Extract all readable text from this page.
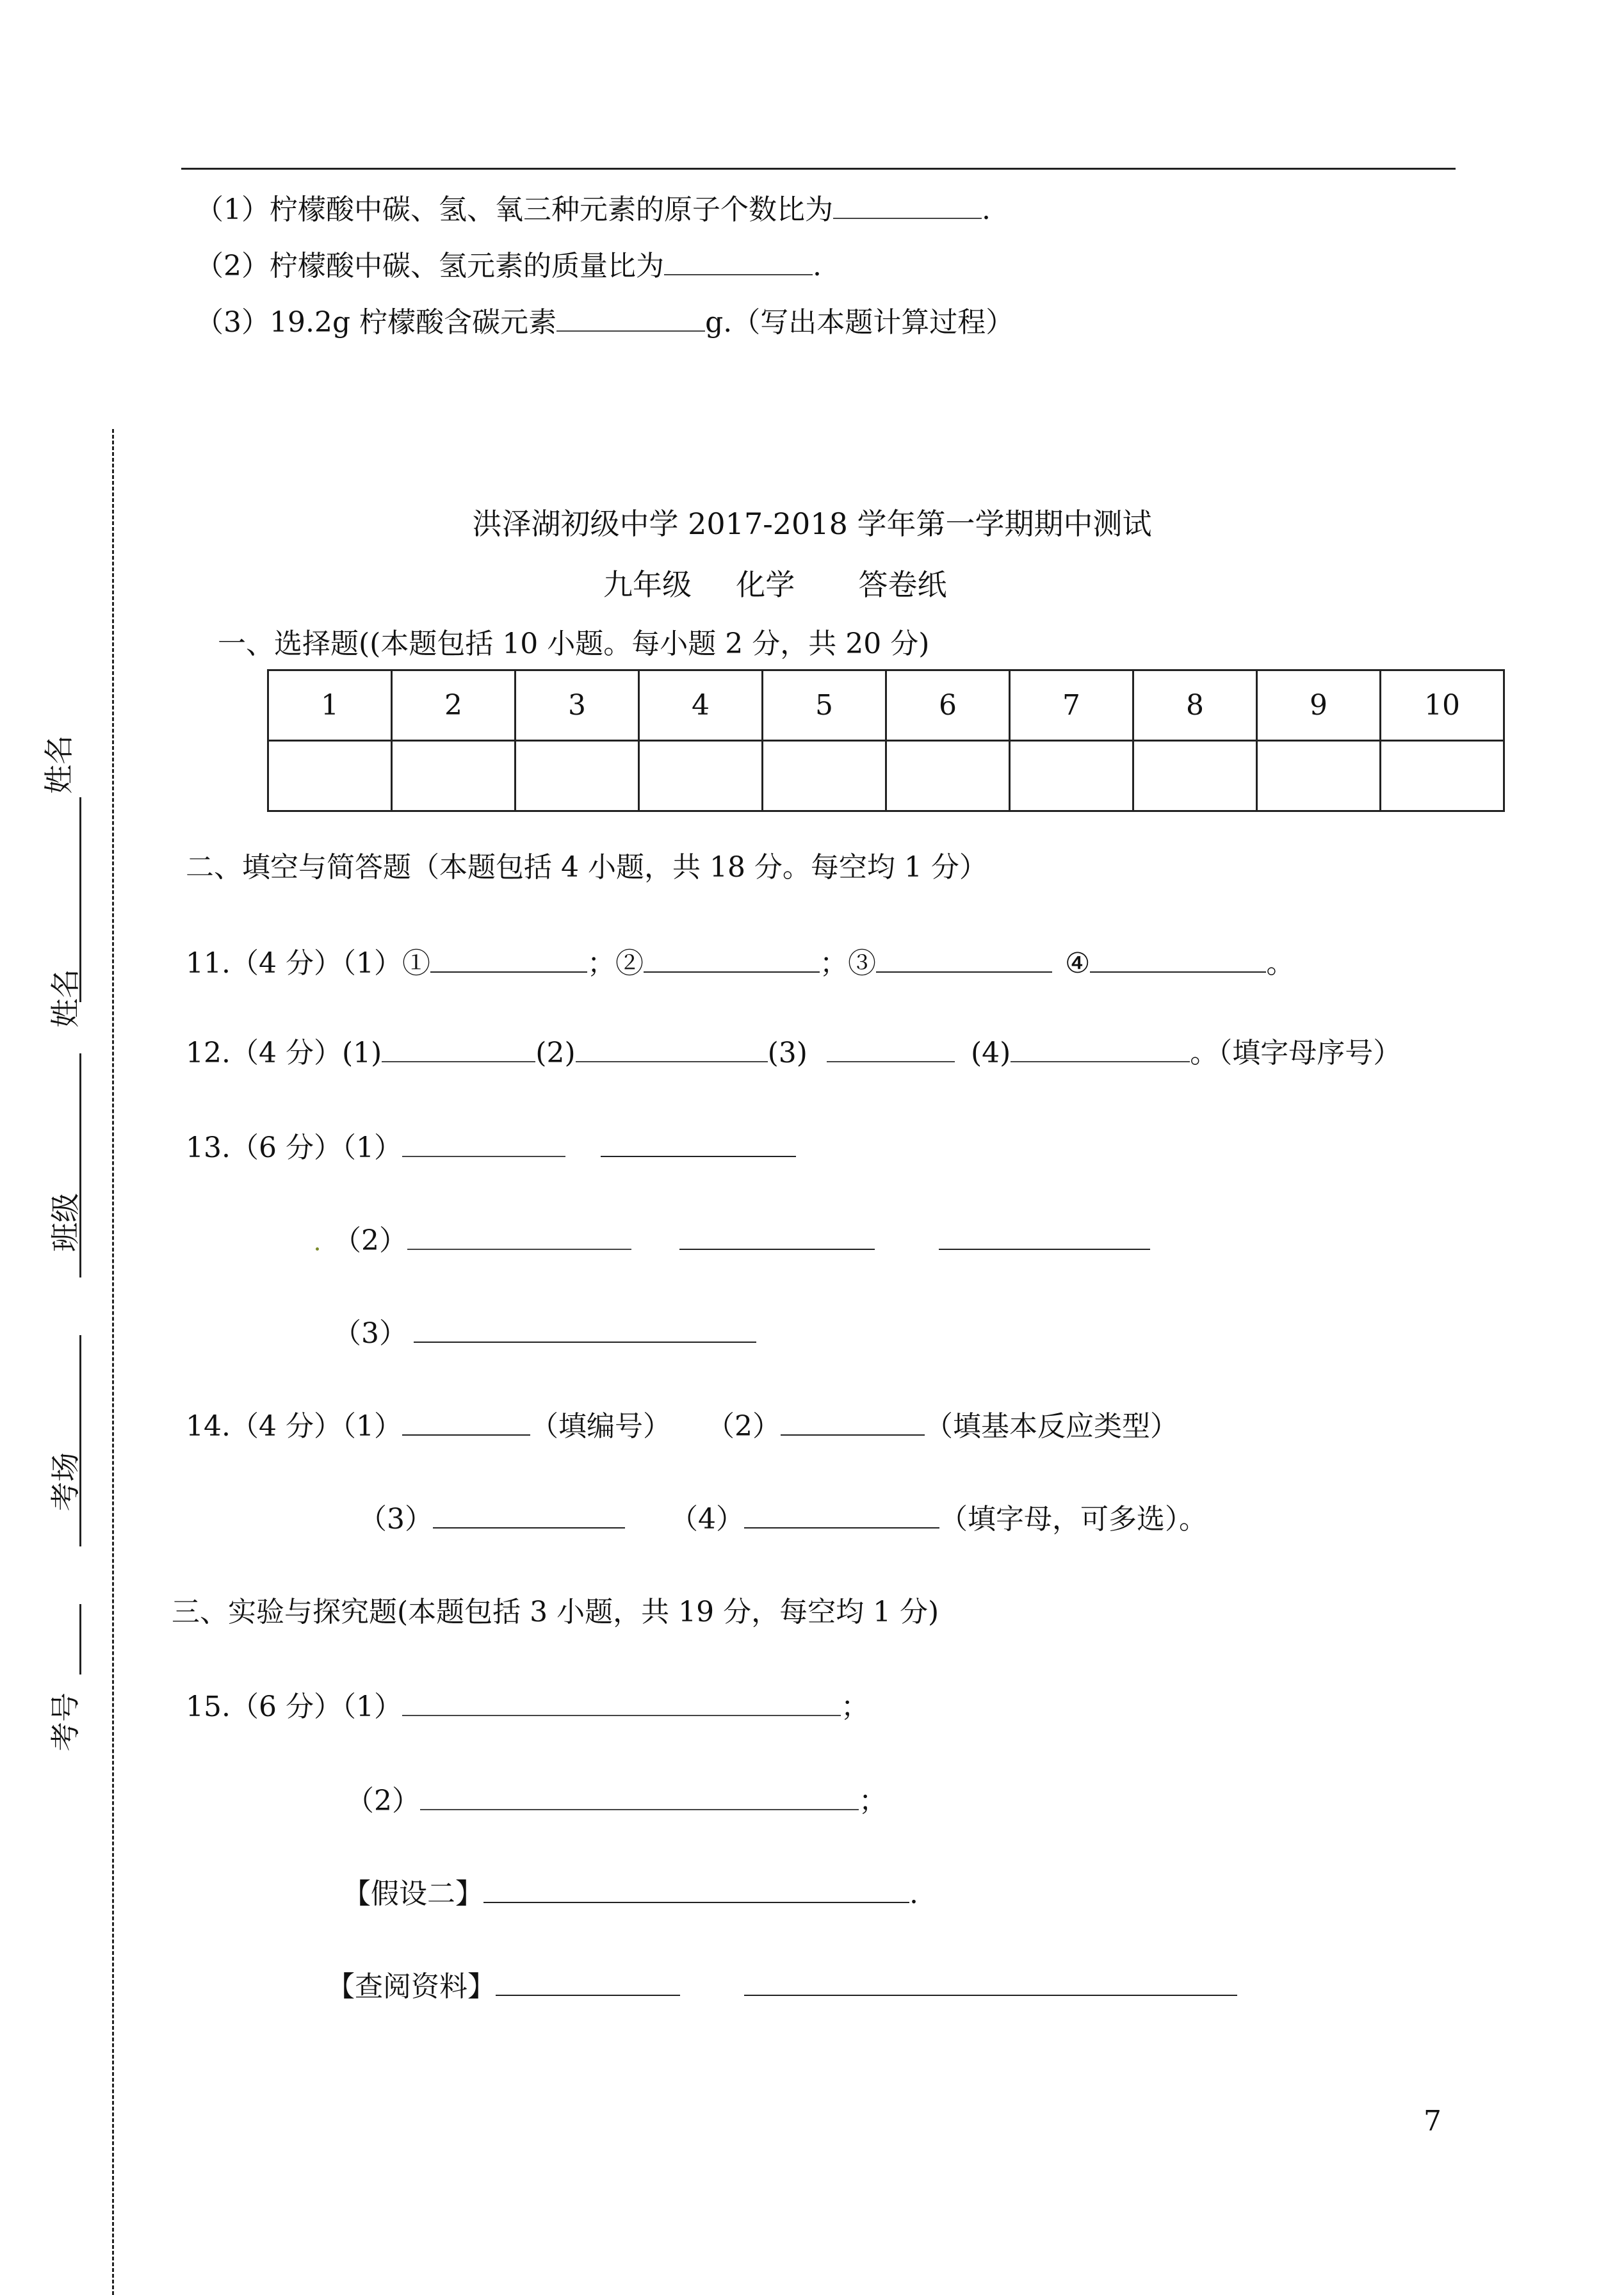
（1）柠檬酸中碳、氢、氧三种元素的原子个数比为	.
（2）柠檬酸中碳、氢元素的质量比为	.
（3）19.2g 柠檬酸含碳元素	g.（写出本题计算过程）
姓名
姓名
班级
考场
考号
洪泽湖初级中学 2017-2018 学年第一学期期中测试
九年级 化学 答卷纸
一、选择题((本题包括 10 小题。每小题 2 分，共 20 分)
1	2	3	4	5	6	7	8	9	10

二、填空与简答题（本题包括 4 小题，共 18 分。每空均 1 分）
11.（4 分）（1）①	；②	；③	④	。
12.（4 分）(1)	(2)	(3)	(4)	。（填字母序号）
13.（6 分）（1）
（2）
（3）
14.（4 分）（1）	（填编号） （2）	（填基本反应类型）
（3）	（4）	（填字母，可多选）。
三、实验与探究题(本题包括 3 小题，共 19 分，每空均 1 分)
15.（6 分）（1）	；
（2）	；
【假设二】	.
【查阅资料】
7
